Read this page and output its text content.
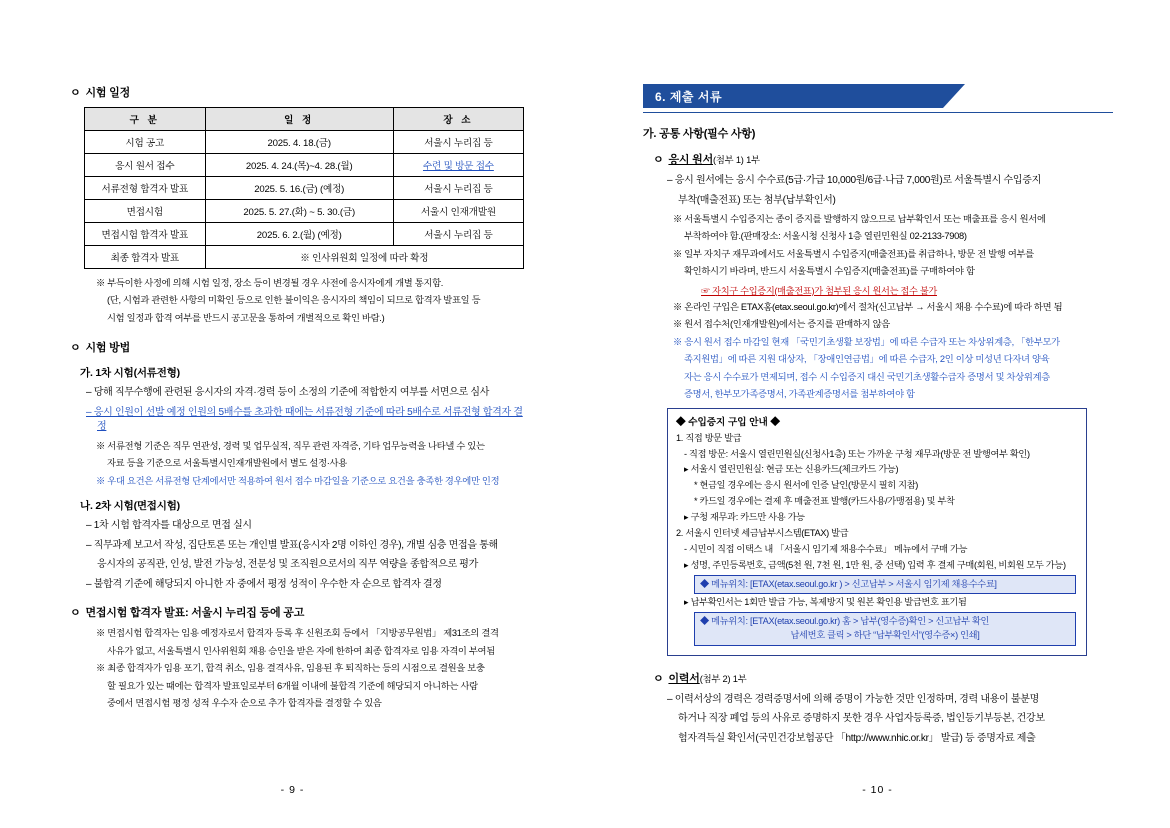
ㅇ 시험 일정
구 분	일 정	장 소
시험 공고	2025. 4. 18.(금)	서울시 누리집 등
응시 원서 접수	2025. 4. 24.(목)~4. 28.(월)	수련 및 방문 접수
서류전형 합격자 발표	2025. 5. 16.(금) (예정)	서울시 누리집 등
면접시험	2025. 5. 27.(화) ~ 5. 30.(금)	서울시 인재개발원
면접시험 합격자 발표	2025. 6. 2.(월) (예정)	서울시 누리집 등
최종 합격자 발표	※ 인사위원회 일정에 따라 확정	

※ 부득이한 사정에 의해 시험 일정, 장소 등이 변경될 경우 사전에 응시자에게 개별 통지함.

(단, 시험과 관련한 사항의 미확인 등으로 인한 불이익은 응시자의 책임이 되므로 합격자 발표일 등

시험 일정과 합격 여부를 반드시 공고문을 통하여 개별적으로 확인 바람.)

ㅇ 시험 방법
가. 1차 시험(서류전형)

– 당해 직무수행에 관련된 응시자의 자격·경력 등이 소정의 기준에 적합한지 여부를 서면으로 심사

– 응시 인원이 선발 예정 인원의 5배수를 초과한 때에는 서류전형 기준에 따라 5배수로 서류전형 합격자 결정

※ 서류전형 기준은 직무 연관성, 경력 및 업무실적, 직무 관련 자격증, 기타 업무능력을 나타낼 수 있는

자료 등을 기준으로 서울특별시인재개발원에서 별도 설정·사용

※ 우대 요건은 서류전형 단계에서만 적용하여 원서 접수 마감일을 기준으로 요건을 충족한 경우에만 인정

나. 2차 시험(면접시험)

– 1차 시험 합격자를 대상으로 면접 실시

– 직무과제 보고서 작성, 집단토론 또는 개인별 발표(응시자 2명 이하인 경우), 개별 심층 면접을 통해

응시자의 공직관, 인성, 발전 가능성, 전문성 및 조직원으로서의 직무 역량을 종합적으로 평가

– 불합격 기준에 해당되지 아니한 자 중에서 평정 성적이 우수한 자 순으로 합격자 결정

ㅇ 면접시험 합격자 발표: 서울시 누리집 등에 공고

※ 면접시험 합격자는 임용 예정자로서 합격자 등록 후 신원조회 등에서 「지방공무원법」 제31조의 결격

사유가 없고, 서울특별시 인사위원회 채용 승인을 받은 자에 한하여 최종 합격자로 임용 자격이 부여됨

※ 최종 합격자가 임용 포기, 합격 취소, 임용 결격사유, 임용된 후 퇴직하는 등의 시점으로 결원을 보충

할 필요가 있는 때에는 합격자 발표일로부터 6개월 이내에 불합격 기준에 해당되지 아니하는 사람

중에서 면접시험 평정 성적 우수자 순으로 추가 합격자를 결정할 수 있음

- 9 -
6. 제출 서류
가. 공통 사항(필수 사항)
ㅇ 응시 원서(첨부 1) 1부

– 응시 원서에는 응시 수수료(5급·가급 10,000원/6급·나급 7,000원)로 서울특별시 수입증지

부착(매출전표) 또는 첨부(납부확인서)

※ 서울특별시 수입증지는 종이 증지를 발행하지 않으므로 납부확인서 또는 매출표를 응시 원서에

부착하여야 함.(판매장소: 서울시청 신청사 1층 열린민원실 02-2133-7908)

※ 일부 자치구 재무과에서도 서울특별시 수입증지(매출전표)를 취급하나, 방문 전 발행 여부를

확인하시기 바라며, 반드시 서울특별시 수입증지(매출전표)를 구매하여야 함

☞ 자치구 수입증지(매출전표)가 첨부된 응시 원서는 접수 불가

※ 온라인 구입은 ETAX홈(etax.seoul.go.kr)에서 절차(신고납부 → 서울시 채용 수수료)에 따라 하면 됨

※ 원서 접수처(인재개발원)에서는 증지를 판매하지 않음

※ 응시 원서 접수 마감일 현재 「국민기초생활 보장법」에 따른 수급자 또는 차상위계층, 「한부모가

족지원법」에 따른 지원 대상자, 「장애인연금법」에 따른 수급자, 2인 이상 미성년 다자녀 양육

자는 응시 수수료가 면제되며, 접수 시 수입증지 대신 국민기초생활수급자 증명서 및 차상위계층

증명서, 한부모가족증명서, 가족관계증명서를 첨부하여야 함

◆ 수입증지 구입 안내 ◆

1. 직접 방문 발급

- 직접 방문: 서울시 열린민원실(신청사1층) 또는 가까운 구청 재무과(방문 전 발행여부 확인)

▸ 서울시 열린민원실: 현금 또는 신용카드(체크카드 가능)

* 현금일 경우에는 응시 원서에 인증 날인(방문시 필히 지참)

* 카드일 경우에는 결제 후 매출전표 발행(카드사용/가맹점용) 및 부착

▸ 구청 재무과: 카드만 사용 가능

2. 서울시 인터넷 세금납부시스템(ETAX) 발급

- 시민이 직접 이택스 내 「서울시 임기제 채용수수료」 메뉴에서 구매 가능

▸ 성명, 주민등록번호, 금액(5천 원, 7천 원, 1만 원, 중 선택) 입력 후 결제 구매(회원, 비회원 모두 가능)

◆ 메뉴위치: [ETAX(etax.seoul.go.kr ) > 신고납부 > 서울시 임기제 채용수수료]

▸ 납부확인서는 1회만 발급 가능, 복제방지 및 원본 확인용 발급번호 표기됨

◆ 메뉴위치: [ETAX(etax.seoul.go.kr) 홈 > 납부(영수증)확인 > 신고납부 확인
납세번호 클릭 > 하단 “납부확인서”(영수증×) 인쇄]
ㅇ 이력서(첨부 2) 1부

– 이력서상의 경력은 경력증명서에 의해 증명이 가능한 것만 인정하며, 경력 내용이 불분명

하거나 직장 폐업 등의 사유로 증명하지 못한 경우 사업자등록증, 법인등기부등본, 건강보

험자격득실 확인서(국민건강보험공단 「http://www.nhic.or.kr」 발급) 등 증명자료 제출

- 10 -
